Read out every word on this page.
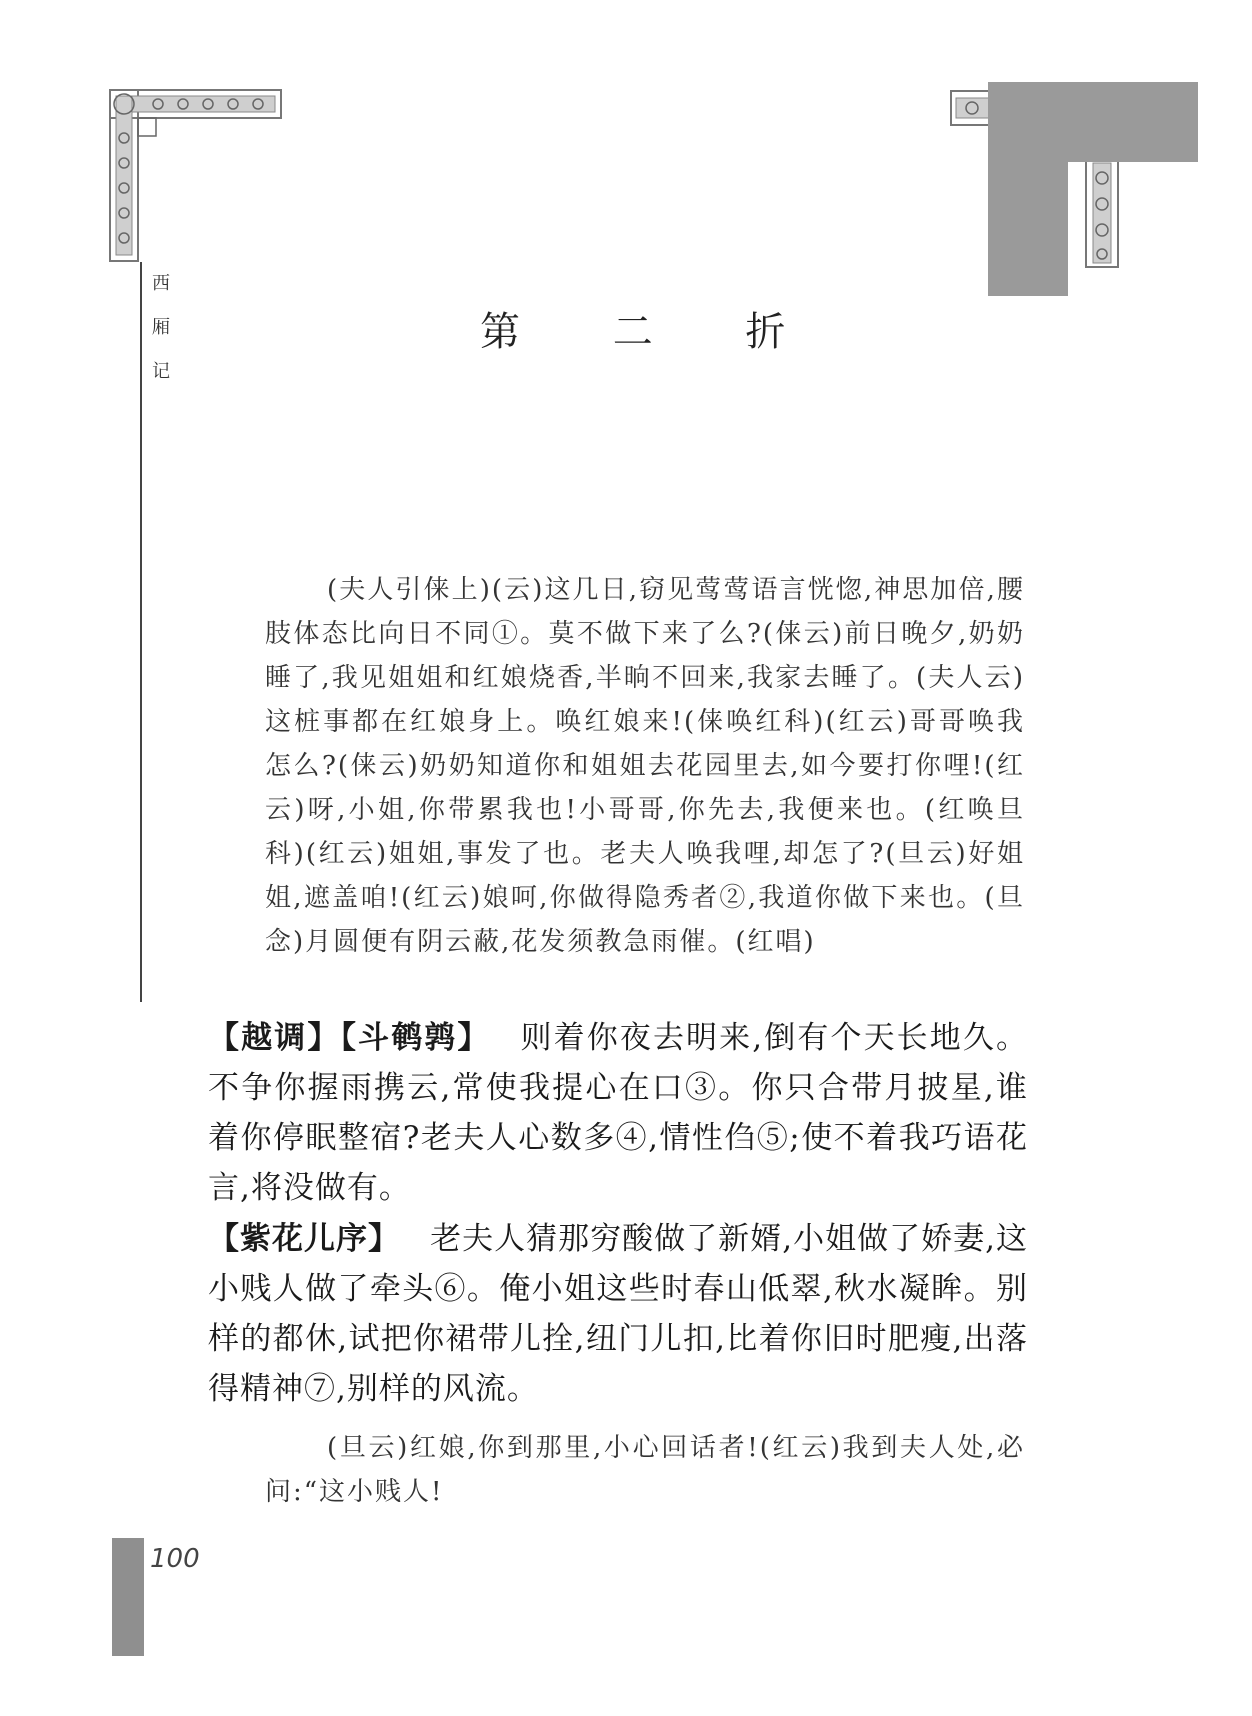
西
厢
记
第 二 折

(夫人引俫上)(云)这几日,窃见莺莺语言恍惚,神思加倍,腰肢体态比向日不同①。莫不做下来了么?(俫云)前日晚夕,奶奶睡了,我见姐姐和红娘烧香,半晌不回来,我家去睡了。(夫人云)这桩事都在红娘身上。唤红娘来!(俫唤红科)(红云)哥哥唤我怎么?(俫云)奶奶知道你和姐姐去花园里去,如今要打你哩!(红云)呀,小姐,你带累我也!小哥哥,你先去,我便来也。(红唤旦科)(红云)姐姐,事发了也。老夫人唤我哩,却怎了?(旦云)好姐姐,遮盖咱!(红云)娘呵,你做得隐秀者②,我道你做下来也。(旦念)月圆便有阴云蔽,花发须教急雨催。(红唱)

【越调】【斗鹌鹑】 则着你夜去明来,倒有个天长地久。不争你握雨携云,常使我提心在口③。你只合带月披星,谁着你停眠整宿?老夫人心数多④,情性㑇⑤;使不着我巧语花言,将没做有。

【紫花儿序】 老夫人猜那穷酸做了新婿,小姐做了娇妻,这小贱人做了牵头⑥。俺小姐这些时春山低翠,秋水凝眸。别样的都休,试把你裙带儿拴,纽门儿扣,比着你旧时肥瘦,出落得精神⑦,别样的风流。

(旦云)红娘,你到那里,小心回话者!(红云)我到夫人处,必问:“这小贱人!

100
